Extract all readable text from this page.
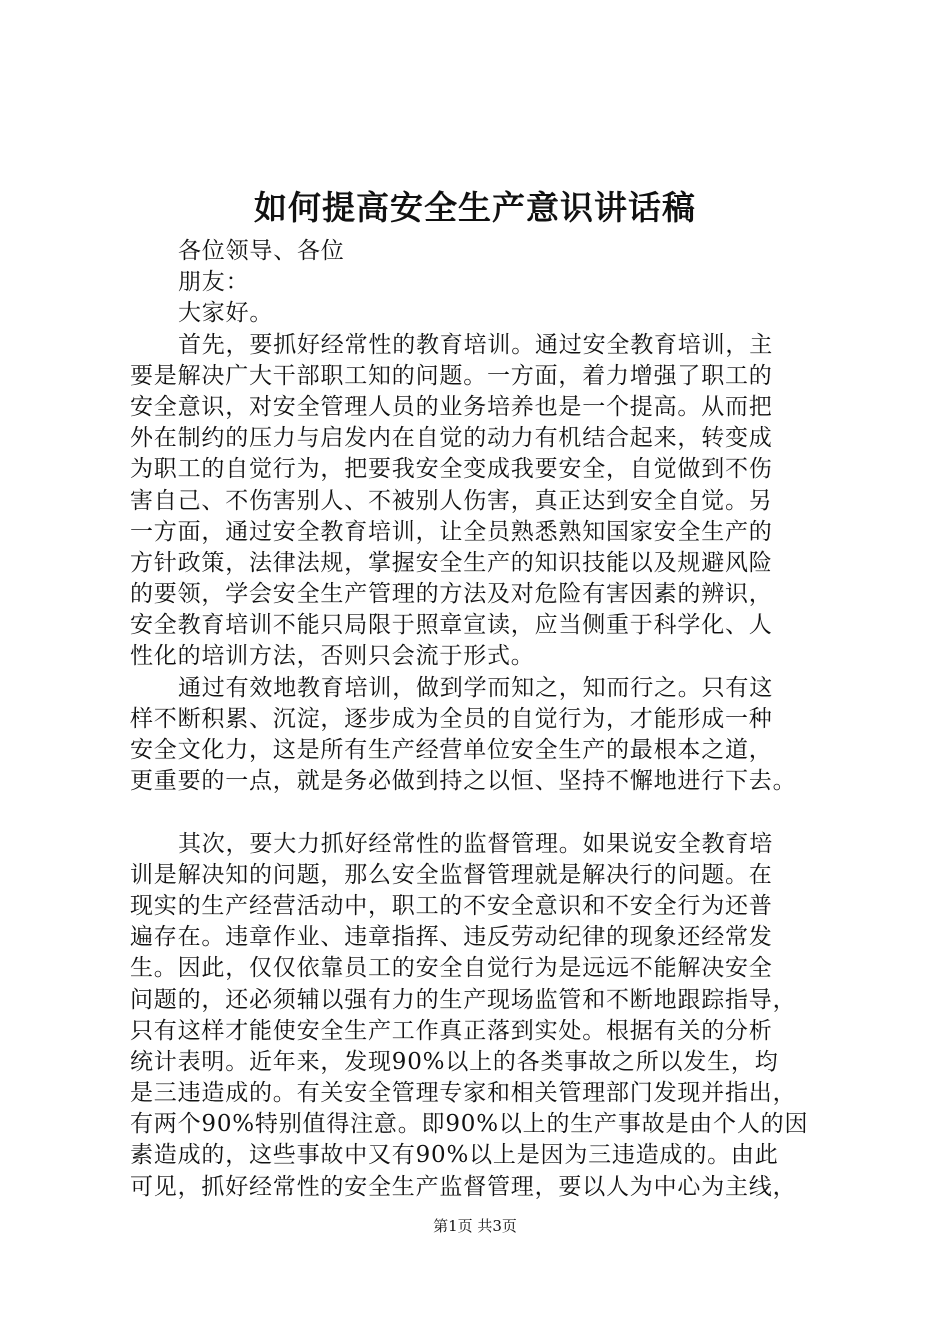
如何提高安全生产意识讲话稿

各位领导、各位

朋友：

大家好。

首先，要抓好经常性的教育培训。通过安全教育培训，主

要是解决广大干部职工知的问题。一方面，着力增强了职工的

安全意识，对安全管理人员的业务培养也是一个提高。从而把

外在制约的压力与启发内在自觉的动力有机结合起来，转变成

为职工的自觉行为，把要我安全变成我要安全，自觉做到不伤

害自己、不伤害别人、不被别人伤害，真正达到安全自觉。另

一方面，通过安全教育培训，让全员熟悉熟知国家安全生产的

方针政策，法律法规，掌握安全生产的知识技能以及规避风险

的要领，学会安全生产管理的方法及对危险有害因素的辨识，

安全教育培训不能只局限于照章宣读，应当侧重于科学化、人

性化的培训方法，否则只会流于形式。

通过有效地教育培训，做到学而知之，知而行之。只有这

样不断积累、沉淀，逐步成为全员的自觉行为，才能形成一种

安全文化力，这是所有生产经营单位安全生产的最根本之道，

更重要的一点，就是务必做到持之以恒、坚持不懈地进行下去。

其次，要大力抓好经常性的监督管理。如果说安全教育培

训是解决知的问题，那么安全监督管理就是解决行的问题。在

现实的生产经营活动中，职工的不安全意识和不安全行为还普

遍存在。违章作业、违章指挥、违反劳动纪律的现象还经常发

生。因此，仅仅依靠员工的安全自觉行为是远远不能解决安全

问题的，还必须辅以强有力的生产现场监管和不断地跟踪指导，

只有这样才能使安全生产工作真正落到实处。根据有关的分析

统计表明。近年来，发现90%以上的各类事故之所以发生，均

是三违造成的。有关安全管理专家和相关管理部门发现并指出，

有两个90%特别值得注意。即90%以上的生产事故是由个人的因

素造成的，这些事故中又有90%以上是因为三违造成的。由此

可见，抓好经常性的安全生产监督管理，要以人为中心为主线，

第1页 共3页
